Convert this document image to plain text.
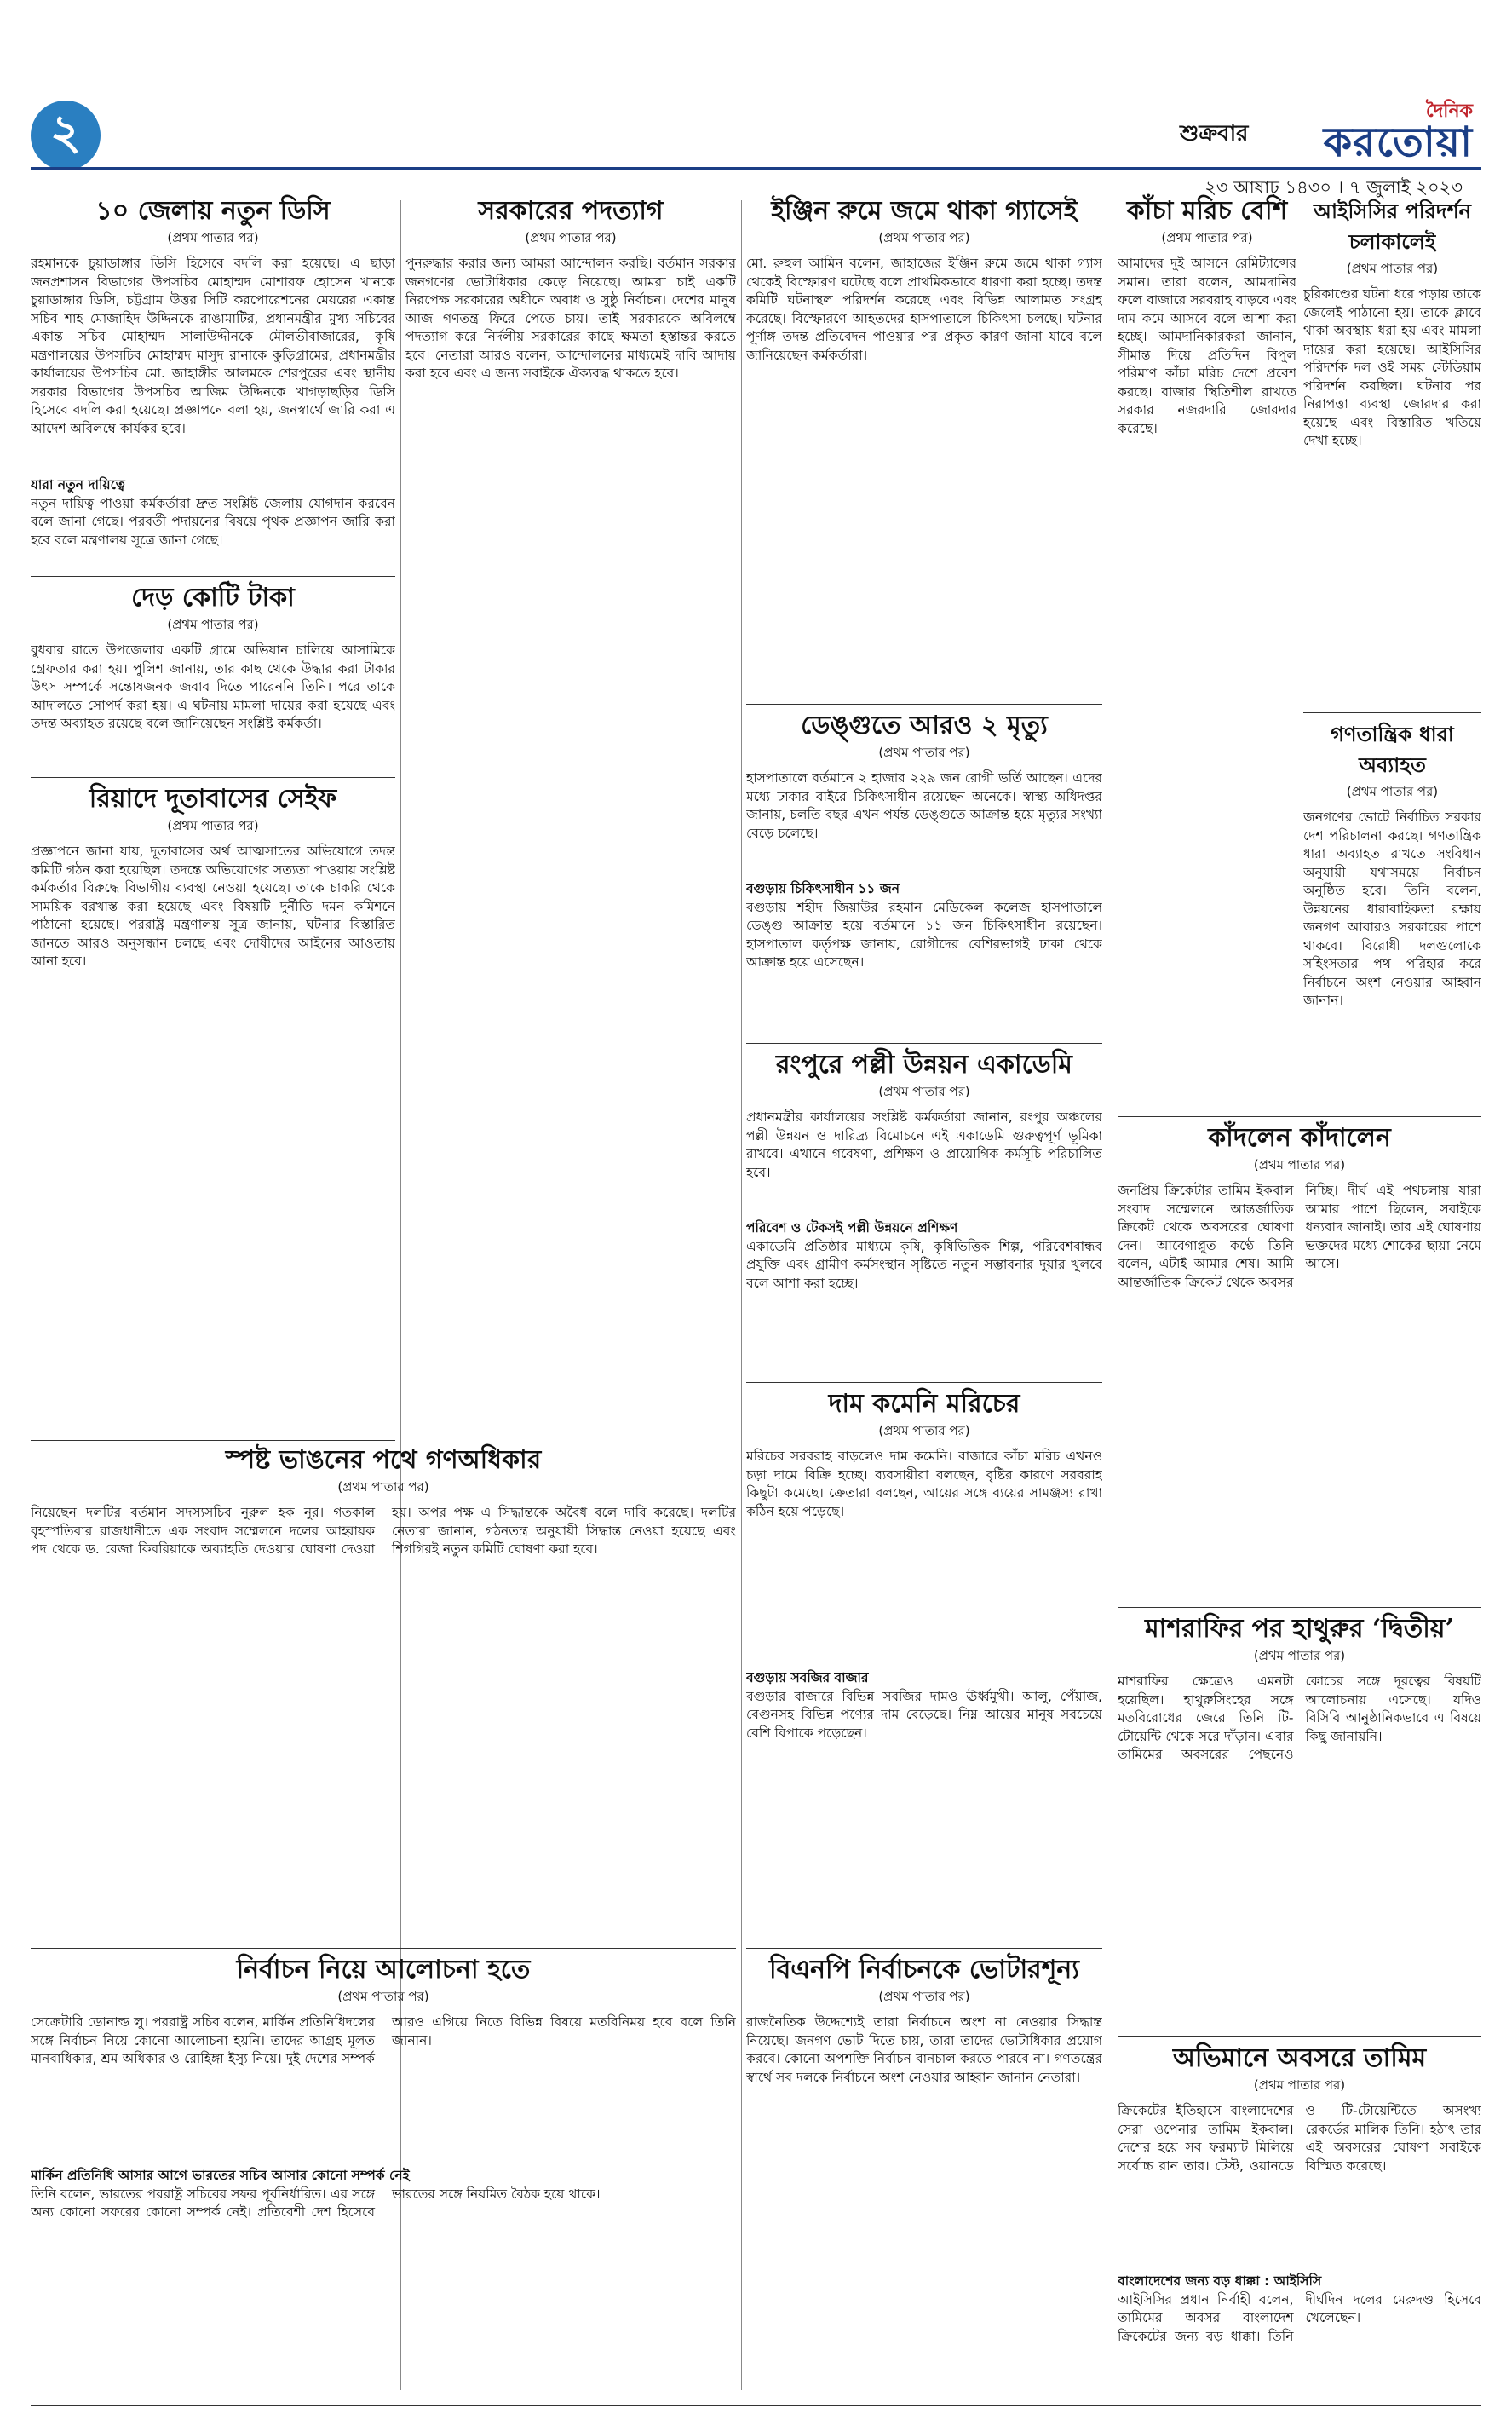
২	শুক্রবার
দৈনিক
করতোয়া
২৩ আষাঢ় ১৪৩০ । ৭ জুলাই ২০২৩
১০ জেলায় নতুন ডিসি
(প্রথম পাতার পর)
রহমানকে চুয়াডাঙ্গার ডিসি হিসেবে বদলি করা হয়েছে। এ ছাড়া জনপ্রশাসন বিভাগের উপসচিব মোহাম্মদ মোশারফ হোসেন খানকে চুয়াডাঙ্গার ডিসি, চট্টগ্রাম উত্তর সিটি করপোরেশনের মেয়রের একান্ত সচিব শাহ মোজাহিদ উদ্দিনকে রাঙামাটির, প্রধানমন্ত্রীর মুখ্য সচিবের একান্ত সচিব মোহাম্মদ সালাউদ্দীনকে মৌলভীবাজারের, কৃষি মন্ত্রণালয়ের উপসচিব মোহাম্মদ মাসুদ রানাকে কুড়িগ্রামের, প্রধানমন্ত্রীর কার্যালয়ের উপসচিব মো. জাহাঙ্গীর আলমকে শেরপুরের এবং স্থানীয় সরকার বিভাগের উপসচিব আজিম উদ্দিনকে খাগড়াছড়ির ডিসি হিসেবে বদলি করা হয়েছে। প্রজ্ঞাপনে বলা হয়, জনস্বার্থে জারি করা এ আদেশ অবিলম্বে কার্যকর হবে।
যারা নতুন দায়িত্বে
নতুন দায়িত্ব পাওয়া কর্মকর্তারা দ্রুত সংশ্লিষ্ট জেলায় যোগদান করবেন বলে জানা গেছে। পরবর্তী পদায়নের বিষয়ে পৃথক প্রজ্ঞাপন জারি করা হবে বলে মন্ত্রণালয় সূত্রে জানা গেছে।
দেড় কোটি টাকা
(প্রথম পাতার পর)
বুধবার রাতে উপজেলার একটি গ্রামে অভিযান চালিয়ে আসামিকে গ্রেফতার করা হয়। পুলিশ জানায়, তার কাছ থেকে উদ্ধার করা টাকার উৎস সম্পর্কে সন্তোষজনক জবাব দিতে পারেননি তিনি। পরে তাকে আদালতে সোপর্দ করা হয়। এ ঘটনায় মামলা দায়ের করা হয়েছে এবং তদন্ত অব্যাহত রয়েছে বলে জানিয়েছেন সংশ্লিষ্ট কর্মকর্তা।
রিয়াদে দূতাবাসের সেইফ
(প্রথম পাতার পর)
প্রজ্ঞাপনে জানা যায়, দূতাবাসের অর্থ আত্মসাতের অভিযোগে তদন্ত কমিটি গঠন করা হয়েছিল। তদন্তে অভিযোগের সত্যতা পাওয়ায় সংশ্লিষ্ট কর্মকর্তার বিরুদ্ধে বিভাগীয় ব্যবস্থা নেওয়া হয়েছে। তাকে চাকরি থেকে সাময়িক বরখাস্ত করা হয়েছে এবং বিষয়টি দুর্নীতি দমন কমিশনে পাঠানো হয়েছে। পররাষ্ট্র মন্ত্রণালয় সূত্র জানায়, ঘটনার বিস্তারিত জানতে আরও অনুসন্ধান চলছে এবং দোষীদের আইনের আওতায় আনা হবে।
সরকারের পদত্যাগ
(প্রথম পাতার পর)
পুনরুদ্ধার করার জন্য আমরা আন্দোলন করছি। বর্তমান সরকার জনগণের ভোটাধিকার কেড়ে নিয়েছে। আমরা চাই একটি নিরপেক্ষ সরকারের অধীনে অবাধ ও সুষ্ঠু নির্বাচন। দেশের মানুষ আজ গণতন্ত্র ফিরে পেতে চায়। তাই সরকারকে অবিলম্বে পদত্যাগ করে নির্দলীয় সরকারের কাছে ক্ষমতা হস্তান্তর করতে হবে। নেতারা আরও বলেন, আন্দোলনের মাধ্যমেই দাবি আদায় করা হবে এবং এ জন্য সবাইকে ঐক্যবদ্ধ থাকতে হবে।
স্পষ্ট ভাঙনের পথে গণঅধিকার
(প্রথম পাতার পর)
নিয়েছেন দলটির বর্তমান সদস্যসচিব নুরুল হক নুর। গতকাল বৃহস্পতিবার রাজধানীতে এক সংবাদ সম্মেলনে দলের আহ্বায়ক পদ থেকে ড. রেজা কিবরিয়াকে অব্যাহতি দেওয়ার ঘোষণা দেওয়া হয়। অপর পক্ষ এ সিদ্ধান্তকে অবৈধ বলে দাবি করেছে। দলটির নেতারা জানান, গঠনতন্ত্র অনুযায়ী সিদ্ধান্ত নেওয়া হয়েছে এবং শিগগিরই নতুন কমিটি ঘোষণা করা হবে।
নির্বাচন নিয়ে আলোচনা হতে
(প্রথম পাতার পর)
সেক্রেটারি ডোনাল্ড লু। পররাষ্ট্র সচিব বলেন, মার্কিন প্রতিনিধিদলের সঙ্গে নির্বাচন নিয়ে কোনো আলোচনা হয়নি। তাদের আগ্রহ মূলত মানবাধিকার, শ্রম অধিকার ও রোহিঙ্গা ইস্যু নিয়ে। দুই দেশের সম্পর্ক আরও এগিয়ে নিতে বিভিন্ন বিষয়ে মতবিনিময় হবে বলে তিনি জানান।
মার্কিন প্রতিনিধি আসার আগে ভারতের সচিব আসার কোনো সম্পর্ক নেই
তিনি বলেন, ভারতের পররাষ্ট্র সচিবের সফর পূর্বনির্ধারিত। এর সঙ্গে অন্য কোনো সফরের কোনো সম্পর্ক নেই। প্রতিবেশী দেশ হিসেবে ভারতের সঙ্গে নিয়মিত বৈঠক হয়ে থাকে।
ইঞ্জিন রুমে জমে থাকা গ্যাসেই
(প্রথম পাতার পর)
মো. রুহুল আমিন বলেন, জাহাজের ইঞ্জিন রুমে জমে থাকা গ্যাস থেকেই বিস্ফোরণ ঘটেছে বলে প্রাথমিকভাবে ধারণা করা হচ্ছে। তদন্ত কমিটি ঘটনাস্থল পরিদর্শন করেছে এবং বিভিন্ন আলামত সংগ্রহ করেছে। বিস্ফোরণে আহতদের হাসপাতালে চিকিৎসা চলছে। ঘটনার পূর্ণাঙ্গ তদন্ত প্রতিবেদন পাওয়ার পর প্রকৃত কারণ জানা যাবে বলে জানিয়েছেন কর্মকর্তারা।
ডেঙ্গুতে আরও ২ মৃত্যু
(প্রথম পাতার পর)
হাসপাতালে বর্তমানে ২ হাজার ২২৯ জন রোগী ভর্তি আছেন। এদের মধ্যে ঢাকার বাইরে চিকিৎসাধীন রয়েছেন অনেকে। স্বাস্থ্য অধিদপ্তর জানায়, চলতি বছর এখন পর্যন্ত ডেঙ্গুতে আক্রান্ত হয়ে মৃত্যুর সংখ্যা বেড়ে চলেছে।
বগুড়ায় চিকিৎসাধীন ১১ জন
বগুড়ায় শহীদ জিয়াউর রহমান মেডিকেল কলেজ হাসপাতালে ডেঙ্গু আক্রান্ত হয়ে বর্তমানে ১১ জন চিকিৎসাধীন রয়েছেন। হাসপাতাল কর্তৃপক্ষ জানায়, রোগীদের বেশিরভাগই ঢাকা থেকে আক্রান্ত হয়ে এসেছেন।
রংপুরে পল্লী উন্নয়ন একাডেমি
(প্রথম পাতার পর)
প্রধানমন্ত্রীর কার্যালয়ের সংশ্লিষ্ট কর্মকর্তারা জানান, রংপুর অঞ্চলের পল্লী উন্নয়ন ও দারিদ্র্য বিমোচনে এই একাডেমি গুরুত্বপূর্ণ ভূমিকা রাখবে। এখানে গবেষণা, প্রশিক্ষণ ও প্রায়োগিক কর্মসূচি পরিচালিত হবে।
পরিবেশ ও টেকসই পল্লী উন্নয়নে প্রশিক্ষণ
একাডেমি প্রতিষ্ঠার মাধ্যমে কৃষি, কৃষিভিত্তিক শিল্প, পরিবেশবান্ধব প্রযুক্তি এবং গ্রামীণ কর্মসংস্থান সৃষ্টিতে নতুন সম্ভাবনার দুয়ার খুলবে বলে আশা করা হচ্ছে।
দাম কমেনি মরিচের
(প্রথম পাতার পর)
মরিচের সরবরাহ বাড়লেও দাম কমেনি। বাজারে কাঁচা মরিচ এখনও চড়া দামে বিক্রি হচ্ছে। ব্যবসায়ীরা বলছেন, বৃষ্টির কারণে সরবরাহ কিছুটা কমেছে। ক্রেতারা বলছেন, আয়ের সঙ্গে ব্যয়ের সামঞ্জস্য রাখা কঠিন হয়ে পড়েছে।
বগুড়ায় সবজির বাজার
বগুড়ার বাজারে বিভিন্ন সবজির দামও ঊর্ধ্বমুখী। আলু, পেঁয়াজ, বেগুনসহ বিভিন্ন পণ্যের দাম বেড়েছে। নিম্ন আয়ের মানুষ সবচেয়ে বেশি বিপাকে পড়েছেন।
বিএনপি নির্বাচনকে ভোটারশূন্য
(প্রথম পাতার পর)
রাজনৈতিক উদ্দেশ্যেই তারা নির্বাচনে অংশ না নেওয়ার সিদ্ধান্ত নিয়েছে। জনগণ ভোট দিতে চায়, তারা তাদের ভোটাধিকার প্রয়োগ করবে। কোনো অপশক্তি নির্বাচন বানচাল করতে পারবে না। গণতন্ত্রের স্বার্থে সব দলকে নির্বাচনে অংশ নেওয়ার আহ্বান জানান নেতারা।
কাঁচা মরিচ বেশি
(প্রথম পাতার পর)
আমাদের দুই আসনে রেমিট্যান্সের সমান। তারা বলেন, আমদানির ফলে বাজারে সরবরাহ বাড়বে এবং দাম কমে আসবে বলে আশা করা হচ্ছে। আমদানিকারকরা জানান, সীমান্ত দিয়ে প্রতিদিন বিপুল পরিমাণ কাঁচা মরিচ দেশে প্রবেশ করছে। বাজার স্থিতিশীল রাখতে সরকার নজরদারি জোরদার করেছে।
আইসিসির পরিদর্শন চলাকালেই
(প্রথম পাতার পর)
চুরিকাণ্ডের ঘটনা ধরে পড়ায় তাকে জেলেই পাঠানো হয়। তাকে ক্লাবে থাকা অবস্থায় ধরা হয় এবং মামলা দায়ের করা হয়েছে। আইসিসির পরিদর্শক দল ওই সময় স্টেডিয়াম পরিদর্শন করছিল। ঘটনার পর নিরাপত্তা ব্যবস্থা জোরদার করা হয়েছে এবং বিস্তারিত খতিয়ে দেখা হচ্ছে।
গণতান্ত্রিক ধারা অব্যাহত
(প্রথম পাতার পর)
জনগণের ভোটে নির্বাচিত সরকার দেশ পরিচালনা করছে। গণতান্ত্রিক ধারা অব্যাহত রাখতে সংবিধান অনুযায়ী যথাসময়ে নির্বাচন অনুষ্ঠিত হবে। তিনি বলেন, উন্নয়নের ধারাবাহিকতা রক্ষায় জনগণ আবারও সরকারের পাশে থাকবে। বিরোধী দলগুলোকে সহিংসতার পথ পরিহার করে নির্বাচনে অংশ নেওয়ার আহ্বান জানান।
কাঁদলেন কাঁদালেন
(প্রথম পাতার পর)
জনপ্রিয় ক্রিকেটার তামিম ইকবাল সংবাদ সম্মেলনে আন্তর্জাতিক ক্রিকেট থেকে অবসরের ঘোষণা দেন। আবেগাপ্লুত কণ্ঠে তিনি বলেন, এটাই আমার শেষ। আমি আন্তর্জাতিক ক্রিকেট থেকে অবসর নিচ্ছি। দীর্ঘ এই পথচলায় যারা আমার পাশে ছিলেন, সবাইকে ধন্যবাদ জানাই। তার এই ঘোষণায় ভক্তদের মধ্যে শোকের ছায়া নেমে আসে।
মাশরাফির পর হাথুরুর ‘দ্বিতীয়’
(প্রথম পাতার পর)
মাশরাফির ক্ষেত্রেও এমনটা হয়েছিল। হাথুরুসিংহের সঙ্গে মতবিরোধের জেরে তিনি টি-টোয়েন্টি থেকে সরে দাঁড়ান। এবার তামিমের অবসরের পেছনেও কোচের সঙ্গে দূরত্বের বিষয়টি আলোচনায় এসেছে। যদিও বিসিবি আনুষ্ঠানিকভাবে এ বিষয়ে কিছু জানায়নি।
অভিমানে অবসরে তামিম
(প্রথম পাতার পর)
ক্রিকেটের ইতিহাসে বাংলাদেশের সেরা ওপেনার তামিম ইকবাল। দেশের হয়ে সব ফরম্যাট মিলিয়ে সর্বোচ্চ রান তার। টেস্ট, ওয়ানডে ও টি-টোয়েন্টিতে অসংখ্য রেকর্ডের মালিক তিনি। হঠাৎ তার এই অবসরের ঘোষণা সবাইকে বিস্মিত করেছে।
বাংলাদেশের জন্য বড় ধাক্কা : আইসিসি
আইসিসির প্রধান নির্বাহী বলেন, তামিমের অবসর বাংলাদেশ ক্রিকেটের জন্য বড় ধাক্কা। তিনি দীর্ঘদিন দলের মেরুদণ্ড হিসেবে খেলেছেন।
